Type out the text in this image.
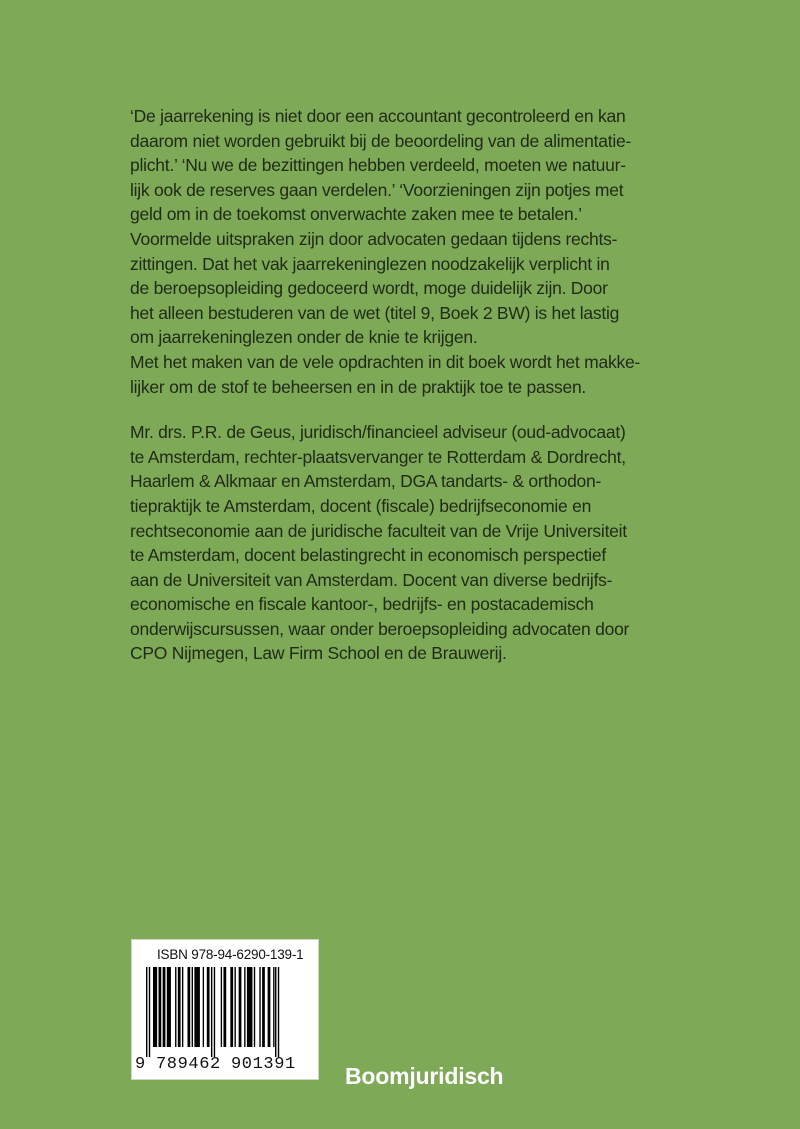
‘De jaarrekening is niet door een accountant gecontroleerd en kan
daarom niet worden gebruikt bij de beoordeling van de alimentatie-
plicht.’ ‘Nu we de bezittingen hebben verdeeld, moeten we natuur-
lijk ook de reserves gaan verdelen.’ ‘Voorzieningen zijn potjes met
geld om in de toekomst onverwachte zaken mee te betalen.’
Voormelde uitspraken zijn door advocaten gedaan tijdens rechts-
zittingen. Dat het vak jaarrekeninglezen noodzakelijk verplicht in
de beroepsopleiding gedoceerd wordt, moge duidelijk zijn. Door
het alleen bestuderen van de wet (titel 9, Boek 2 BW) is het lastig
om jaarrekeninglezen onder de knie te krijgen.
Met het maken van de vele opdrachten in dit boek wordt het makke-
lijker om de stof te beheersen en in de praktijk toe te passen.
Mr. drs. P.R. de Geus, juridisch/financieel adviseur (oud-advocaat)
te Amsterdam, rechter-plaatsvervanger te Rotterdam & Dordrecht,
Haarlem & Alkmaar en Amsterdam, DGA tandarts- & orthodon-
tiepraktijk te Amsterdam, docent (fiscale) bedrijfseconomie en
rechtseconomie aan de juridische faculteit van de Vrije Universiteit
te Amsterdam, docent belastingrecht in economisch perspectief
aan de Universiteit van Amsterdam. Docent van diverse bedrijfs-
economische en fiscale kantoor-, bedrijfs- en postacademisch
onderwijscursussen, waar onder beroepsopleiding advocaten door
CPO Nijmegen, Law Firm School en de Brauwerij.
ISBN 978-94-6290-139-1
9 789462 901391 Boomjuridisch
